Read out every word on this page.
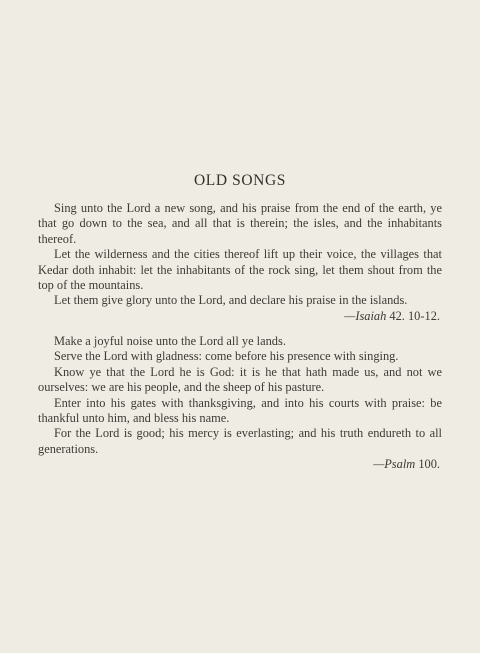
OLD SONGS

Sing unto the Lord a new song, and his praise from the end of the earth, ye that go down to the sea, and all that is therein; the isles, and the inhabitants thereof.

Let the wilderness and the cities thereof lift up their voice, the villages that Kedar doth inhabit: let the inhabitants of the rock sing, let them shout from the top of the mountains.

Let them give glory unto the Lord, and declare his praise in the islands.

—Isaiah 42. 10-12.

Make a joyful noise unto the Lord all ye lands.

Serve the Lord with gladness: come before his presence with singing.

Know ye that the Lord he is God: it is he that hath made us, and not we ourselves: we are his people, and the sheep of his pasture.

Enter into his gates with thanksgiving, and into his courts with praise: be thankful unto him, and bless his name.

For the Lord is good; his mercy is everlasting; and his truth endureth to all generations.

—Psalm 100.
